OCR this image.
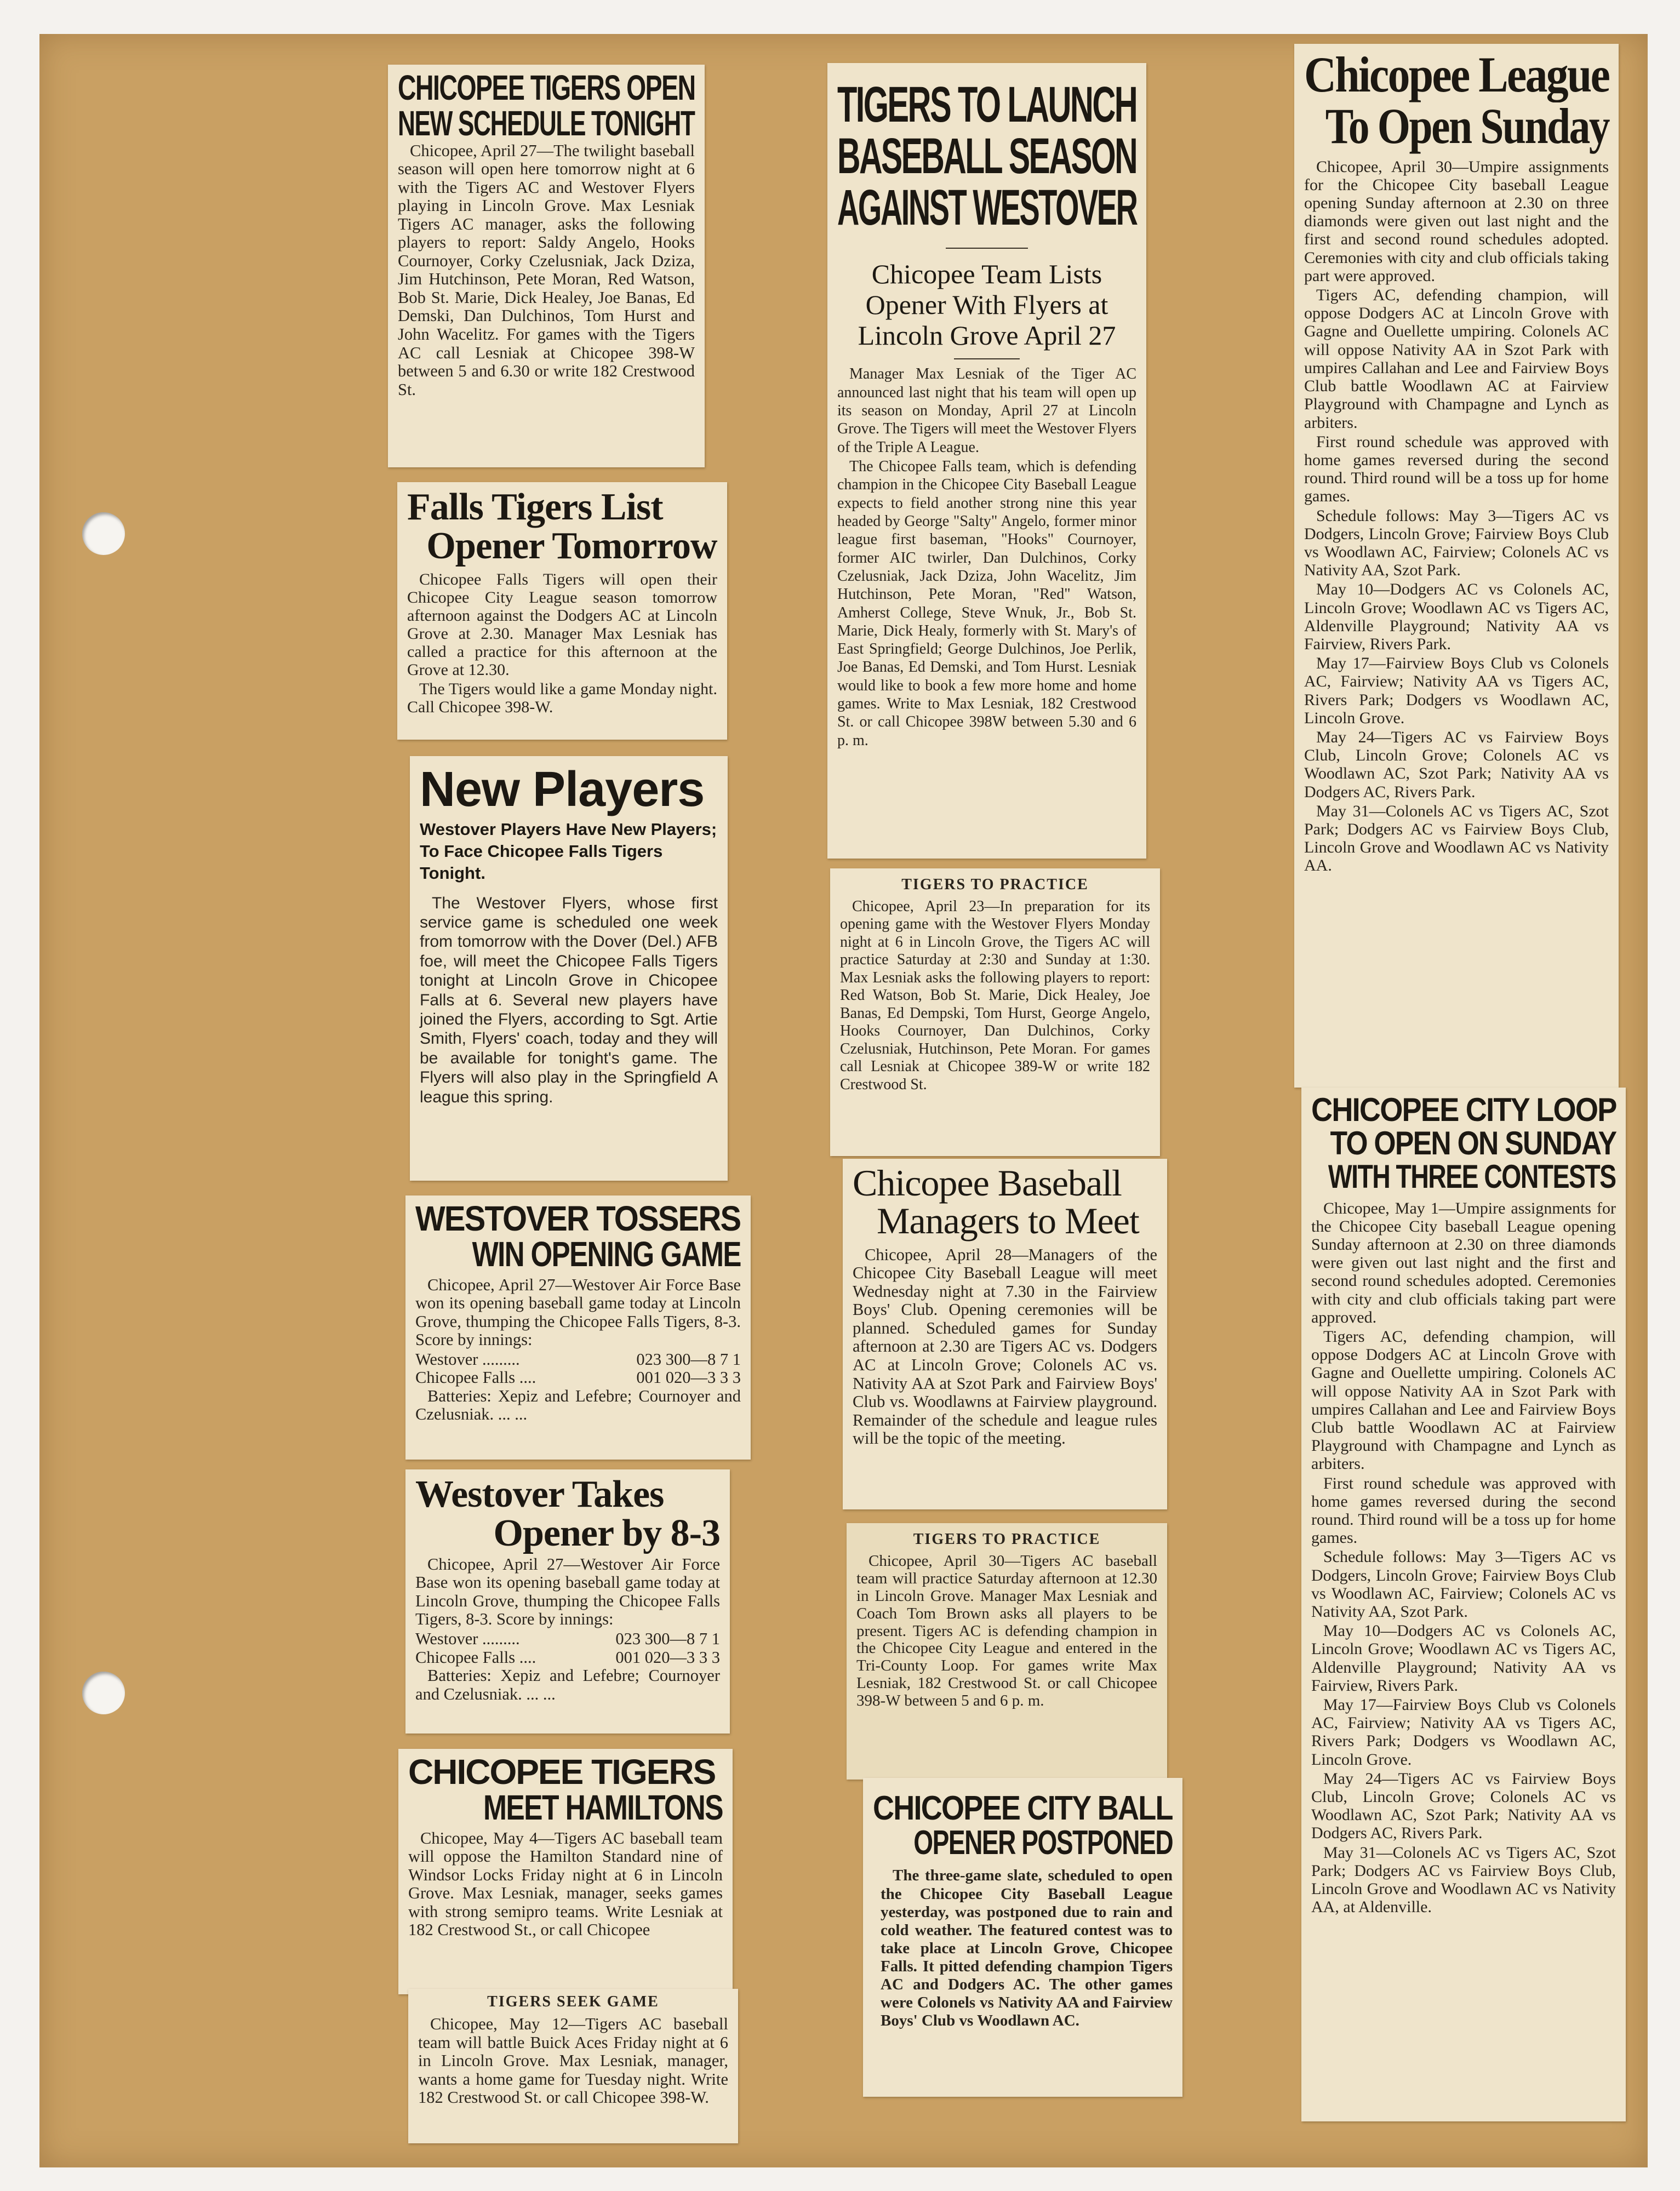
CHICOPEE TIGERS OPEN
NEW SCHEDULE TONIGHT

Chicopee, April 27—The twilight baseball season will open here tomorrow night at 6 with the Tigers AC and Westover Flyers playing in Lincoln Grove. Max Lesniak Tigers AC manager, asks the following players to report: Saldy Angelo, Hooks Cournoyer, Corky Czelusniak, Jack Dziza, Jim Hutchinson, Pete Moran, Red Watson, Bob St. Marie, Dick Healey, Joe Banas, Ed Demski, Dan Dulchinos, Tom Hurst and John Wacelitz. For games with the Tigers AC call Lesniak at Chicopee 398-W between 5 and 6.30 or write 182 Crestwood St.

Falls Tigers List
Opener Tomorrow

Chicopee Falls Tigers will open their Chicopee City League season tomorrow afternoon against the Dodgers AC at Lincoln Grove at 2.30. Manager Max Lesniak has called a practice for this afternoon at the Grove at 12.30.

The Tigers would like a game Monday night. Call Chicopee 398-W.

New Players
Westover Players Have New Players; To Face Chicopee Falls Tigers Tonight.

The Westover Flyers, whose first service game is scheduled one week from tomorrow with the Dover (Del.) AFB foe, will meet the Chicopee Falls Tigers tonight at Lincoln Grove in Chicopee Falls at 6. Several new players have joined the Flyers, according to Sgt. Artie Smith, Flyers' coach, today and they will be available for tonight's game. The Flyers will also play in the Springfield A league this spring.

WESTOVER TOSSERS
WIN OPENING GAME

Chicopee, April 27—Westover Air Force Base won its opening baseball game today at Lincoln Grove, thumping the Chicopee Falls Tigers, 8-3. Score by innings:

Westover .........	023 300—8 7 1
Chicopee Falls ....	001 020—3 3 3

Batteries: Xepiz and Lefebre; Cournoyer and Czelusniak. ... ...

Westover Takes
Opener by 8-3

Chicopee, April 27—Westover Air Force Base won its opening baseball game today at Lincoln Grove, thumping the Chicopee Falls Tigers, 8-3. Score by innings:

Westover .........	023 300—8 7 1
Chicopee Falls ....	001 020—3 3 3

Batteries: Xepiz and Lefebre; Cournoyer and Czelusniak. ... ...

CHICOPEE TIGERS
MEET HAMILTONS

Chicopee, May 4—Tigers AC baseball team will oppose the Hamilton Standard nine of Windsor Locks Friday night at 6 in Lincoln Grove. Max Lesniak, manager, seeks games with strong semipro teams. Write Lesniak at 182 Crestwood St., or call Chicopee

TIGERS SEEK GAME

Chicopee, May 12—Tigers AC baseball team will battle Buick Aces Friday night at 6 in Lincoln Grove. Max Lesniak, manager, wants a home game for Tuesday night. Write 182 Crestwood St. or call Chicopee 398-W.

TIGERS TO LAUNCH
BASEBALL SEASON
AGAINST WESTOVER
Chicopee Team Lists Opener With Flyers at Lincoln Grove April 27

Manager Max Lesniak of the Tiger AC announced last night that his team will open up its season on Monday, April 27 at Lincoln Grove. The Tigers will meet the Westover Flyers of the Triple A League.

The Chicopee Falls team, which is defending champion in the Chicopee City Baseball League expects to field another strong nine this year headed by George "Salty" Angelo, former minor league first baseman, "Hooks" Cournoyer, former AIC twirler, Dan Dulchinos, Corky Czelusniak, Jack Dziza, John Wacelitz, Jim Hutchinson, Pete Moran, "Red" Watson, Amherst College, Steve Wnuk, Jr., Bob St. Marie, Dick Healy, formerly with St. Mary's of East Springfield; George Dulchinos, Joe Perlik, Joe Banas, Ed Demski, and Tom Hurst. Lesniak would like to book a few more home and home games. Write to Max Lesniak, 182 Crestwood St. or call Chicopee 398W between 5.30 and 6 p. m.

TIGERS TO PRACTICE

Chicopee, April 23—In preparation for its opening game with the Westover Flyers Monday night at 6 in Lincoln Grove, the Tigers AC will practice Saturday at 2:30 and Sunday at 1:30. Max Lesniak asks the following players to report: Red Watson, Bob St. Marie, Dick Healey, Joe Banas, Ed Dempski, Tom Hurst, George Angelo, Hooks Cournoyer, Dan Dulchinos, Corky Czelusniak, Hutchinson, Pete Moran. For games call Lesniak at Chicopee 389-W or write 182 Crestwood St.

Chicopee Baseball
Managers to Meet

Chicopee, April 28—Managers of the Chicopee City Baseball League will meet Wednesday night at 7.30 in the Fairview Boys' Club. Opening ceremonies will be planned. Scheduled games for Sunday afternoon at 2.30 are Tigers AC vs. Dodgers AC at Lincoln Grove; Colonels AC vs. Nativity AA at Szot Park and Fairview Boys' Club vs. Woodlawns at Fairview playground. Remainder of the schedule and league rules will be the topic of the meeting.

TIGERS TO PRACTICE

Chicopee, April 30—Tigers AC baseball team will practice Saturday afternoon at 12.30 in Lincoln Grove. Manager Max Lesniak and Coach Tom Brown asks all players to be present. Tigers AC is defending champion in the Chicopee City League and entered in the Tri-County Loop. For games write Max Lesniak, 182 Crestwood St. or call Chicopee 398-W between 5 and 6 p. m.

CHICOPEE CITY BALL
OPENER POSTPONED

The three-game slate, scheduled to open the Chicopee City Baseball League yesterday, was postponed due to rain and cold weather. The featured contest was to take place at Lincoln Grove, Chicopee Falls. It pitted defending champion Tigers AC and Dodgers AC. The other games were Colonels vs Nativity AA and Fairview Boys' Club vs Woodlawn AC.

Chicopee League
To Open Sunday

Chicopee, April 30—Umpire assignments for the Chicopee City baseball League opening Sunday afternoon at 2.30 on three diamonds were given out last night and the first and second round schedules adopted. Ceremonies with city and club officials taking part were approved.

Tigers AC, defending champion, will oppose Dodgers AC at Lincoln Grove with Gagne and Ouellette umpiring. Colonels AC will oppose Nativity AA in Szot Park with umpires Callahan and Lee and Fairview Boys Club battle Woodlawn AC at Fairview Playground with Champagne and Lynch as arbiters.

First round schedule was approved with home games reversed during the second round. Third round will be a toss up for home games.

Schedule follows: May 3—Tigers AC vs Dodgers, Lincoln Grove; Fairview Boys Club vs Woodlawn AC, Fairview; Colonels AC vs Nativity AA, Szot Park.

May 10—Dodgers AC vs Colonels AC, Lincoln Grove; Woodlawn AC vs Tigers AC, Aldenville Playground; Nativity AA vs Fairview, Rivers Park.

May 17—Fairview Boys Club vs Colonels AC, Fairview; Nativity AA vs Tigers AC, Rivers Park; Dodgers vs Woodlawn AC, Lincoln Grove.

May 24—Tigers AC vs Fairview Boys Club, Lincoln Grove; Colonels AC vs Woodlawn AC, Szot Park; Nativity AA vs Dodgers AC, Rivers Park.

May 31—Colonels AC vs Tigers AC, Szot Park; Dodgers AC vs Fairview Boys Club, Lincoln Grove and Woodlawn AC vs Nativity AA.

CHICOPEE CITY LOOP
TO OPEN ON SUNDAY
WITH THREE CONTESTS

Chicopee, May 1—Umpire assignments for the Chicopee City baseball League opening Sunday afternoon at 2.30 on three diamonds were given out last night and the first and second round schedules adopted. Ceremonies with city and club officials taking part were approved.

Tigers AC, defending champion, will oppose Dodgers AC at Lincoln Grove with Gagne and Ouellette umpiring. Colonels AC will oppose Nativity AA in Szot Park with umpires Callahan and Lee and Fairview Boys Club battle Woodlawn AC at Fairview Playground with Champagne and Lynch as arbiters.

First round schedule was approved with home games reversed during the second round. Third round will be a toss up for home games.

Schedule follows: May 3—Tigers AC vs Dodgers, Lincoln Grove; Fairview Boys Club vs Woodlawn AC, Fairview; Colonels AC vs Nativity AA, Szot Park.

May 10—Dodgers AC vs Colonels AC, Lincoln Grove; Woodlawn AC vs Tigers AC, Aldenville Playground; Nativity AA vs Fairview, Rivers Park.

May 17—Fairview Boys Club vs Colonels AC, Fairview; Nativity AA vs Tigers AC, Rivers Park; Dodgers vs Woodlawn AC, Lincoln Grove.

May 24—Tigers AC vs Fairview Boys Club, Lincoln Grove; Colonels AC vs Woodlawn AC, Szot Park; Nativity AA vs Dodgers AC, Rivers Park.

May 31—Colonels AC vs Tigers AC, Szot Park; Dodgers AC vs Fairview Boys Club, Lincoln Grove and Woodlawn AC vs Nativity AA, at Aldenville.
